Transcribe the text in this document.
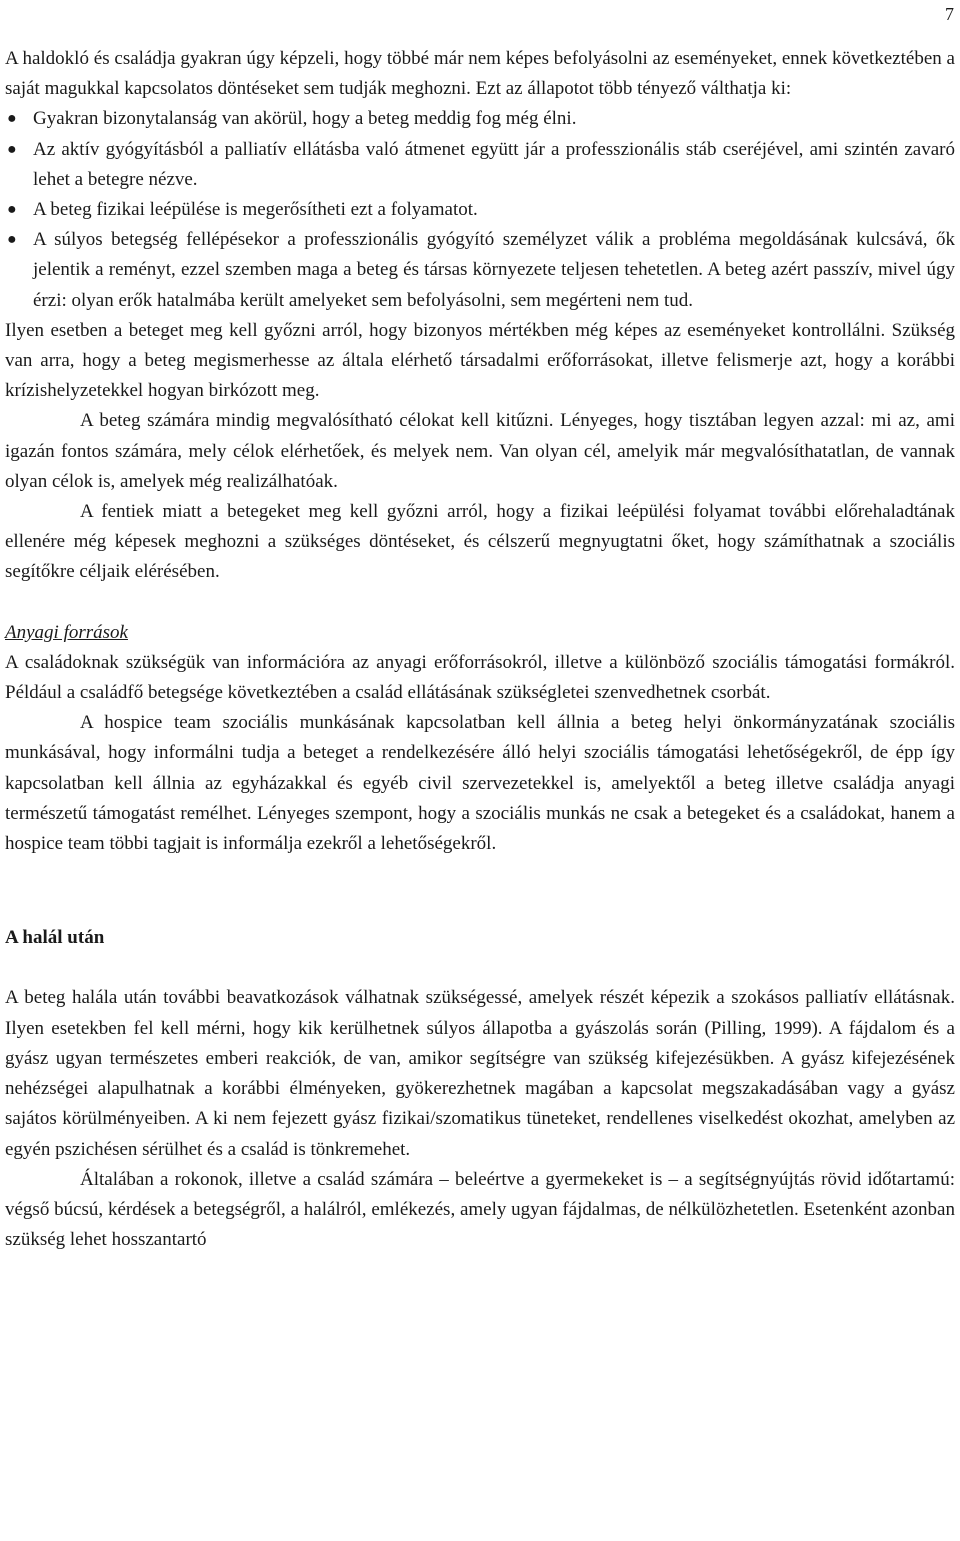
7

A haldokló és családja gyakran úgy képzeli, hogy többé már nem képes befolyásolni az eseményeket, ennek következtében a saját magukkal kapcsolatos döntéseket sem tudják meghozni. Ezt az állapotot több tényező válthatja ki:

● Gyakran bizonytalanság van akörül, hogy a beteg meddig fog még élni.
● Az aktív gyógyításból a palliatív ellátásba való átmenet együtt jár a professzionális stáb cseréjével, ami szintén zavaró lehet a betegre nézve.
● A beteg fizikai leépülése is megerősítheti ezt a folyamatot.
● A súlyos betegség fellépésekor a professzionális gyógyító személyzet válik a probléma megoldásának kulcsává, ők jelentik a reményt, ezzel szemben maga a beteg és társas környezete teljesen tehetetlen. A beteg azért passzív, mivel úgy érzi: olyan erők hatalmába került amelyeket sem befolyásolni, sem megérteni nem tud.

Ilyen esetben a beteget meg kell győzni arról, hogy bizonyos mértékben még képes az eseményeket kontrollálni. Szükség van arra, hogy a beteg megismerhesse az általa elérhető társadalmi erőforrásokat, illetve felismerje azt, hogy a korábbi krízishelyzetekkel hogyan birkózott meg.

A beteg számára mindig megvalósítható célokat kell kitűzni. Lényeges, hogy tisztában legyen azzal: mi az, ami igazán fontos számára, mely célok elérhetőek, és melyek nem. Van olyan cél, amelyik már megvalósíthatatlan, de vannak olyan célok is, amelyek még realizálhatóak.

A fentiek miatt a betegeket meg kell győzni arról, hogy a fizikai leépülési folyamat további előrehaladtának ellenére még képesek meghozni a szükséges döntéseket, és célszerű megnyugtatni őket, hogy számíthatnak a szociális segítőkre céljaik elérésében.

Anyagi források

A családoknak szükségük van információra az anyagi erőforrásokról, illetve a különböző szociális támogatási formákról. Például a családfő betegsége következtében a család ellátásának szükségletei szenvedhetnek csorbát.

A hospice team szociális munkásának kapcsolatban kell állnia a beteg helyi önkormányzatának szociális munkásával, hogy informálni tudja a beteget a rendelkezésére álló helyi szociális támogatási lehetőségekről, de épp így kapcsolatban kell állnia az egyházakkal és egyéb civil szervezetekkel is, amelyektől a beteg illetve családja anyagi természetű támogatást remélhet. Lényeges szempont, hogy a szociális munkás ne csak a betegeket és a családokat, hanem a hospice team többi tagjait is informálja ezekről a lehetőségekről.

A halál után

A beteg halála után további beavatkozások válhatnak szükségessé, amelyek részét képezik a szokásos palliatív ellátásnak. Ilyen esetekben fel kell mérni, hogy kik kerülhetnek súlyos állapotba a gyászolás során (Pilling, 1999). A fájdalom és a gyász ugyan természetes emberi reakciók, de van, amikor segítségre van szükség kifejezésükben. A gyász kifejezésének nehézségei alapulhatnak a korábbi élményeken, gyökerezhetnek magában a kapcsolat megszakadásában vagy a gyász sajátos körülményeiben. A ki nem fejezett gyász fizikai/szomatikus tüneteket, rendellenes viselkedést okozhat, amelyben az egyén pszichésen sérülhet és a család is tönkremehet.

Általában a rokonok, illetve a család számára – beleértve a gyermekeket is – a segítségnyújtás rövid időtartamú: végső búcsú, kérdések a betegségről, a halálról, emlékezés, amely ugyan fájdalmas, de nélkülözhetetlen. Esetenként azonban szükség lehet hosszantartó
